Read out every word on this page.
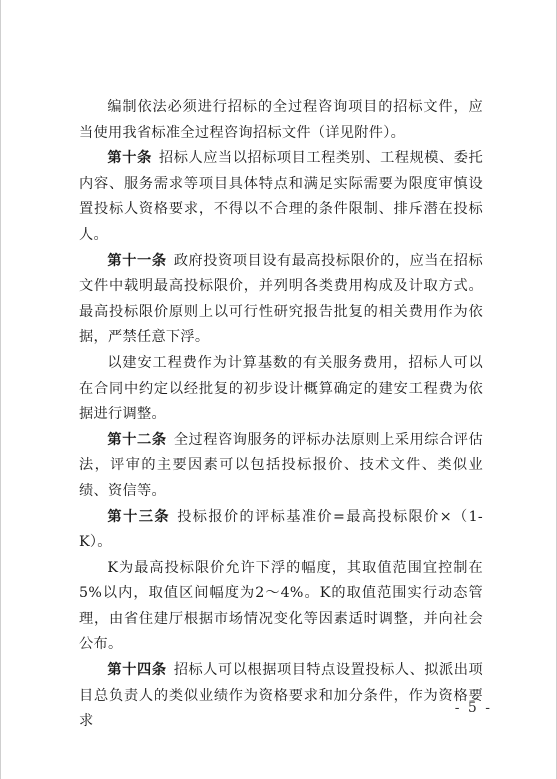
编制依法必须进行招标的全过程咨询项目的招标文件，应当使用我省标准全过程咨询招标文件（详见附件）。

第十条 招标人应当以招标项目工程类别、工程规模、委托内容、服务需求等项目具体特点和满足实际需要为限度审慎设置投标人资格要求，不得以不合理的条件限制、排斥潜在投标人。

第十一条 政府投资项目设有最高投标限价的，应当在招标文件中载明最高投标限价，并列明各类费用构成及计取方式。最高投标限价原则上以可行性研究报告批复的相关费用作为依据，严禁任意下浮。

以建安工程费作为计算基数的有关服务费用，招标人可以在合同中约定以经批复的初步设计概算确定的建安工程费为依据进行调整。

第十二条 全过程咨询服务的评标办法原则上采用综合评估法，评审的主要因素可以包括投标报价、技术文件、类似业绩、资信等。

第十三条 投标报价的评标基准价=最高投标限价×（1-K）。

K为最高投标限价允许下浮的幅度，其取值范围宜控制在5%以内，取值区间幅度为2～4%。K的取值范围实行动态管理，由省住建厅根据市场情况变化等因素适时调整，并向社会公布。

第十四条 招标人可以根据项目特点设置投标人、拟派出项目总负责人的类似业绩作为资格要求和加分条件，作为资格要求

- 5 -
